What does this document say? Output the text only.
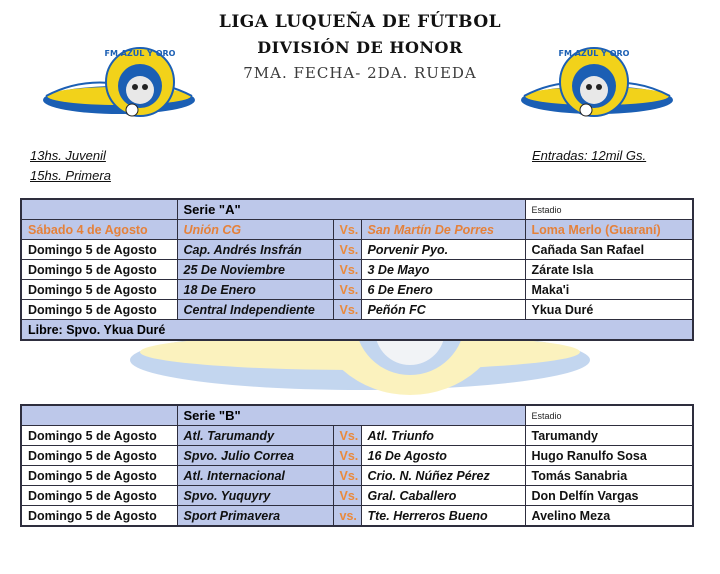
LIGA LUQUEÑA DE FÚTBOL
DIVISIÓN DE HONOR
7MA. FECHA- 2DA. RUEDA
FM AZUL Y ORO	FM AZUL Y ORO
13hs. Juvenil
15hs. Primera
Entradas: 12mil Gs.
	Serie "A"			Estadio
Sábado 4 de Agosto	Unión CG	Vs.	San Martín De Porres	Loma Merlo (Guaraní)
Domingo 5 de Agosto	Cap. Andrés Insfrán	Vs.	Porvenir Pyo.	Cañada San Rafael
Domingo 5 de Agosto	25 De Noviembre	Vs.	3 De Mayo	Zárate Isla
Domingo 5 de Agosto	18 De Enero	Vs.	6 De Enero	Maka'i
Domingo 5 de Agosto	Central Independiente	Vs.	Peñón FC	Ykua Duré
Libre: Spvo. Ykua Duré				
	Serie "B"			Estadio
Domingo 5 de Agosto	Atl. Tarumandy	Vs.	Atl. Triunfo	Tarumandy
Domingo 5 de Agosto	Spvo. Julio Correa	Vs.	16 De Agosto	Hugo Ranulfo Sosa
Domingo 5 de Agosto	Atl. Internacional	Vs.	Crio. N. Núñez Pérez	Tomás Sanabria
Domingo 5 de Agosto	Spvo. Yuquyry	Vs.	Gral. Caballero	Don Delfín Vargas
Domingo 5 de Agosto	Sport Primavera	vs.	Tte. Herreros Bueno	Avelino Meza
